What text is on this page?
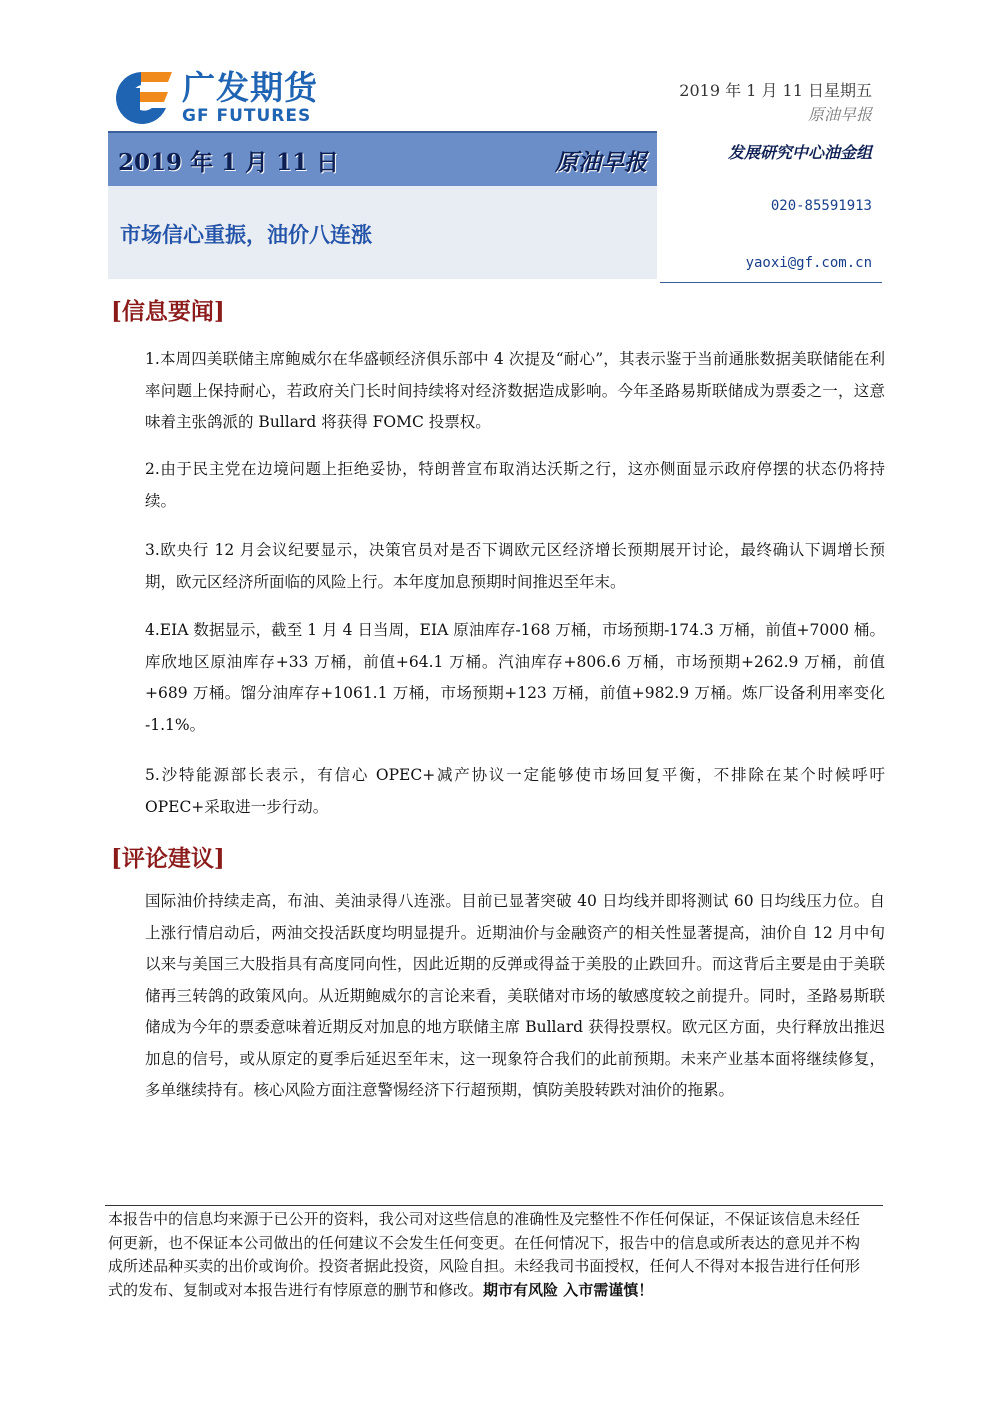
广发期货
GF FUTURES
2019 年 1 月 11 日星期五
原油早报
2019 年 1 月 11 日	原油早报
市场信心重振，油价八连涨
发展研究中心油金组
020-85591913
yaoxi@gf.com.cn
[信息要闻]
1.本周四美联储主席鲍威尔在华盛顿经济俱乐部中 4 次提及“耐心”，其表示鉴于当前通胀数据美联储能在利率问题上保持耐心，若政府关门长时间持续将对经济数据造成影响。今年圣路易斯联储成为票委之一，这意味着主张鸽派的 Bullard 将获得 FOMC 投票权。
2.由于民主党在边境问题上拒绝妥协，特朗普宣布取消达沃斯之行，这亦侧面显示政府停摆的状态仍将持续。
3.欧央行 12 月会议纪要显示，决策官员对是否下调欧元区经济增长预期展开讨论，最终确认下调增长预期，欧元区经济所面临的风险上行。本年度加息预期时间推迟至年末。
4.EIA 数据显示，截至 1 月 4 日当周，EIA 原油库存-168 万桶，市场预期-174.3 万桶，前值+7000 桶。库欣地区原油库存+33 万桶，前值+64.1 万桶。汽油库存+806.6 万桶，市场预期+262.9 万桶，前值+689 万桶。馏分油库存+1061.1 万桶，市场预期+123 万桶，前值+982.9 万桶。炼厂设备利用率变化 -1.1%。
5.沙特能源部长表示，有信心 OPEC+减产协议一定能够使市场回复平衡，不排除在某个时候呼吁 OPEC+采取进一步行动。
[评论建议]
国际油价持续走高，布油、美油录得八连涨。目前已显著突破 40 日均线并即将测试 60 日均线压力位。自上涨行情启动后，两油交投活跃度均明显提升。近期油价与金融资产的相关性显著提高，油价自 12 月中旬以来与美国三大股指具有高度同向性，因此近期的反弹或得益于美股的止跌回升。而这背后主要是由于美联储再三转鸽的政策风向。从近期鲍威尔的言论来看，美联储对市场的敏感度较之前提升。同时，圣路易斯联储成为今年的票委意味着近期反对加息的地方联储主席 Bullard 获得投票权。欧元区方面，央行释放出推迟加息的信号，或从原定的夏季后延迟至年末，这一现象符合我们的此前预期。未来产业基本面将继续修复，多单继续持有。核心风险方面注意警惕经济下行超预期，慎防美股转跌对油价的拖累。
本报告中的信息均来源于已公开的资料，我公司对这些信息的准确性及完整性不作任何保证，不保证该信息未经任何更新，也不保证本公司做出的任何建议不会发生任何变更。在任何情况下，报告中的信息或所表达的意见并不构成所述品种买卖的出价或询价。投资者据此投资，风险自担。未经我司书面授权，任何人不得对本报告进行任何形式的发布、复制或对本报告进行有悖原意的删节和修改。期市有风险 入市需谨慎！
